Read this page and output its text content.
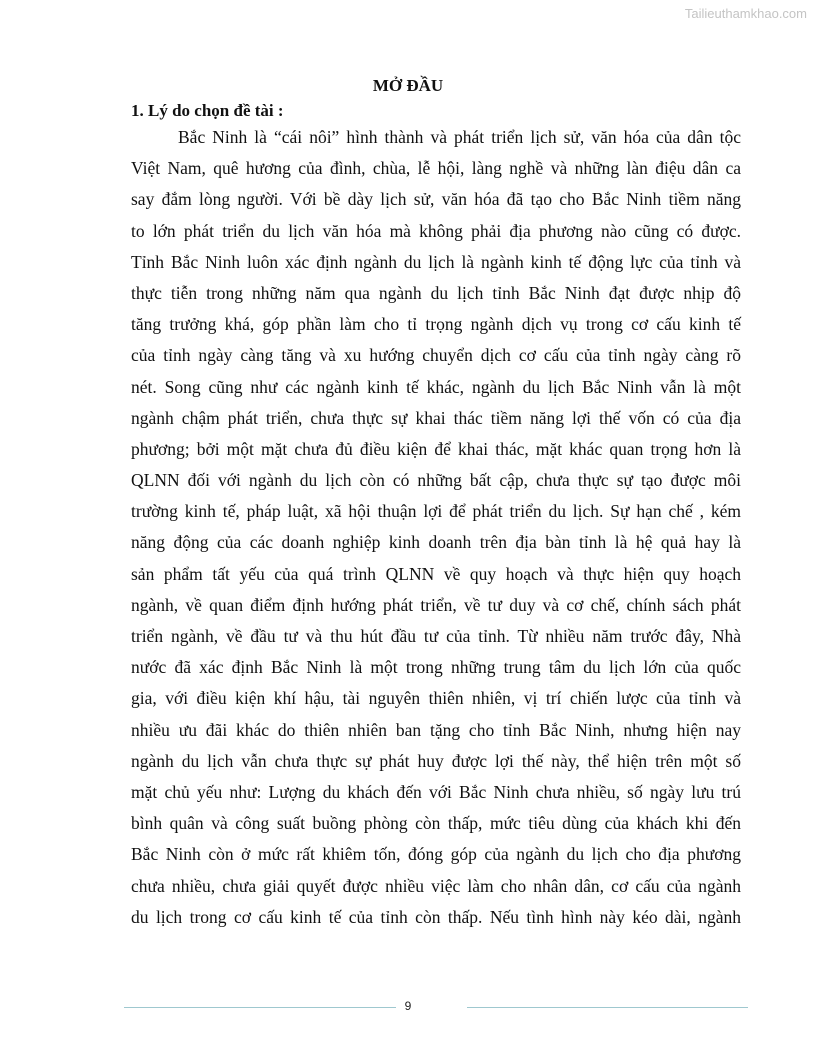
Tailieuthamkhao.com
MỞ ĐẦU
1. Lý do chọn đề tài :
Bắc Ninh là “cái nôi” hình thành và phát triển lịch sử, văn hóa của dân tộc
Việt Nam, quê hương của đình, chùa, lễ hội, làng nghề và những làn điệu dân ca
say đắm lòng người. Với bề dày lịch sử, văn hóa đã tạo cho Bắc Ninh tiềm năng
to lớn phát triển du lịch văn hóa mà không phải địa phương nào cũng có được.
Tỉnh Bắc Ninh luôn xác định ngành du lịch là ngành kinh tế động lực của tỉnh và
thực tiễn trong những năm qua ngành du lịch tỉnh Bắc Ninh đạt được nhịp độ
tăng trưởng khá, góp phần làm cho tỉ trọng ngành dịch vụ trong cơ cấu kinh tế
của tỉnh ngày càng tăng và xu hướng chuyển dịch cơ cấu của tỉnh ngày càng rõ
nét. Song cũng như các ngành kinh tế khác, ngành du lịch Bắc Ninh vẫn là một
ngành chậm phát triển, chưa thực sự khai thác tiềm năng lợi thế vốn có của địa
phương; bởi một mặt chưa đủ điều kiện để khai thác, mặt khác quan trọng hơn là
QLNN đối với ngành du lịch còn có những bất cập, chưa thực sự tạo được môi
trường kinh tế, pháp luật, xã hội thuận lợi để phát triển du lịch. Sự hạn chế , kém
năng động của các doanh nghiệp kinh doanh trên địa bàn tỉnh là hệ quả hay là
sản phẩm tất yếu của quá trình QLNN về quy hoạch và thực hiện quy hoạch
ngành, về quan điểm định hướng phát triển, về tư duy và cơ chế, chính sách phát
triển ngành, về đầu tư và thu hút đầu tư của tỉnh. Từ nhiều năm trước đây, Nhà
nước đã xác định Bắc Ninh là một trong những trung tâm du lịch lớn của quốc
gia, với điều kiện khí hậu, tài nguyên thiên nhiên, vị trí chiến lược của tỉnh và
nhiều ưu đãi khác do thiên nhiên ban tặng cho tỉnh Bắc Ninh, nhưng hiện nay
ngành du lịch vẫn chưa thực sự phát huy được lợi thế này, thể hiện trên một số
mặt chủ yếu như: Lượng du khách đến với Bắc Ninh chưa nhiều, số ngày lưu trú
bình quân và công suất buồng phòng còn thấp, mức tiêu dùng của khách khi đến
Bắc Ninh còn ở mức rất khiêm tốn, đóng góp của ngành du lịch cho địa phương
chưa nhiều, chưa giải quyết được nhiều việc làm cho nhân dân, cơ cấu của ngành
du lịch trong cơ cấu kinh tế của tỉnh còn thấp. Nếu tình hình này kéo dài, ngành
9
